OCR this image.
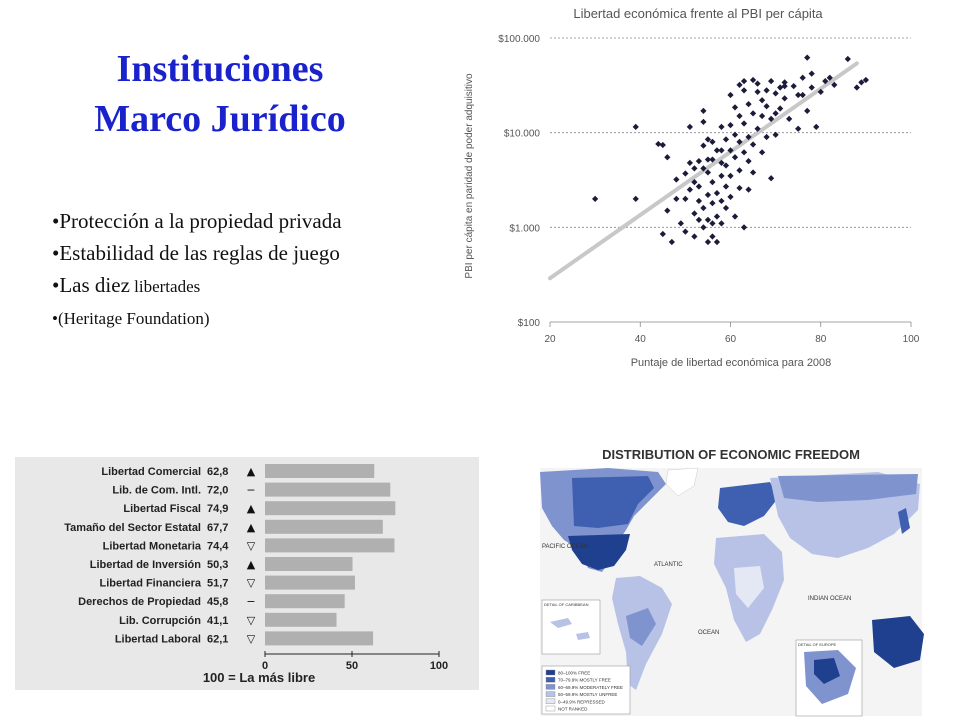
Instituciones
Marco Jurídico
•Protección a la propiedad privada
•Estabilidad de las reglas de juego
•Las diez libertades
•(Heritage Foundation)
Libertad económica frente al PBI per cápita
$100.000
$10.000
$1.000
$100
20	40	60	80	100
Puntaje de libertad económica para 2008
PBI per cápita en paridad de poder adquisitivo
Libertad Comercial 62,8 ▲
Lib. de Com. Intl. 72,0 −
Libertad Fiscal 74,9 ▲
Tamaño del Sector Estatal 67,7 ▲
Libertad Monetaria 74,4 ▽
Libertad de Inversión 50,3 ▲
Libertad Financiera 51,7 ▽
Derechos de Propiedad 45,8 −
Lib. Corrupción 41,1 ▽
Libertad Laboral 62,1 ▽
0	50	100
100 = La más libre
DISTRIBUTION OF ECONOMIC FREEDOM
PACIFIC OCEAN
ATLANTIC
OCEAN
INDIAN OCEAN
DETAIL OF CARIBBEAN
DETAIL OF EUROPE
80–100% FREE
70–79.9% MOSTLY FREE
60–69.9% MODERATELY FREE
50–59.9% MOSTLY UNFREE
0–49.9% REPRESSED
NOT RANKED
